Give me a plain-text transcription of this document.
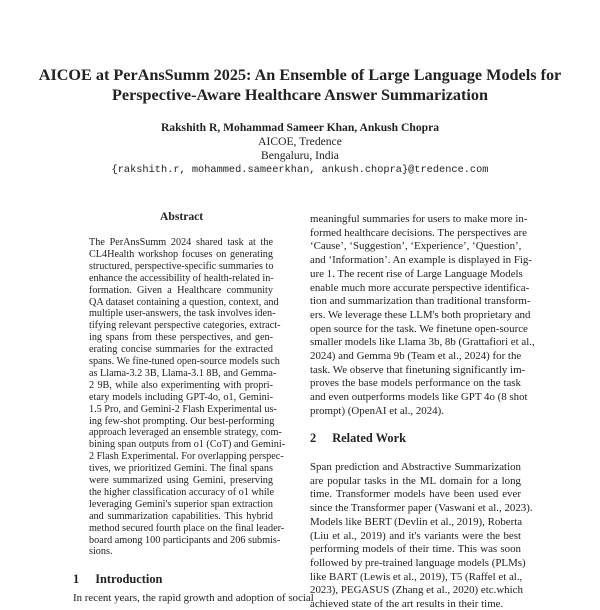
AICOE at PerAnsSumm 2025: An Ensemble of Large Language Models for
Perspective-Aware Healthcare Answer Summarization
Rakshith R, Mohammad Sameer Khan, Ankush Chopra
AICOE, Tredence
Bengaluru, India
{rakshith.r, mohammed.sameerkhan, ankush.chopra}@tredence.com
Abstract
The PerAnsSumm 2024 shared task at the
CL4Health workshop focuses on generating
structured, perspective-specific summaries to
enhance the accessibility of health-related in-
formation. Given a Healthcare community
QA dataset containing a question, context, and
multiple user-answers, the task involves iden-
tifying relevant perspective categories, extract-
ing spans from these perspectives, and gen-
erating concise summaries for the extracted
spans. We fine-tuned open-source models such
as Llama-3.2 3B, Llama-3.1 8B, and Gemma-
2 9B, while also experimenting with propri-
etary models including GPT-4o, o1, Gemini-
1.5 Pro, and Gemini-2 Flash Experimental us-
ing few-shot prompting. Our best-performing
approach leveraged an ensemble strategy, com-
bining span outputs from o1 (CoT) and Gemini-
2 Flash Experimental. For overlapping perspec-
tives, we prioritized Gemini. The final spans
were summarized using Gemini, preserving
the higher classification accuracy of o1 while
leveraging Gemini's superior span extraction
and summarization capabilities. This hybrid
method secured fourth place on the final leader-
board among 100 participants and 206 submis-
sions.
1 Introduction
In recent years, the rapid growth and adoption of social
meaningful summaries for users to make more in-
formed healthcare decisions. The perspectives are
‘Cause’, ‘Suggestion’, ‘Experience’, ‘Question’,
and ‘Information’. An example is displayed in Fig-
ure 1. The recent rise of Large Language Models
enable much more accurate perspective identifica-
tion and summarization than traditional transform-
ers. We leverage these LLM's both proprietary and
open source for the task. We finetune open-source
smaller models like Llama 3b, 8b (Grattafiori et al.,
2024) and Gemma 9b (Team et al., 2024) for the
task. We observe that finetuning significantly im-
proves the base models performance on the task
and even outperforms models like GPT 4o (8 shot
prompt) (OpenAI et al., 2024).
2 Related Work
Span prediction and Abstractive Summarization
are popular tasks in the ML domain for a long
time. Transformer models have been used ever
since the Transformer paper (Vaswani et al., 2023).
Models like BERT (Devlin et al., 2019), Roberta
(Liu et al., 2019) and it's variants were the best
performing models of their time. This was soon
followed by pre-trained language models (PLMs)
like BART (Lewis et al., 2019), T5 (Raffel et al.,
2023), PEGASUS (Zhang et al., 2020) etc.which
achieved state of the art results in their time.
